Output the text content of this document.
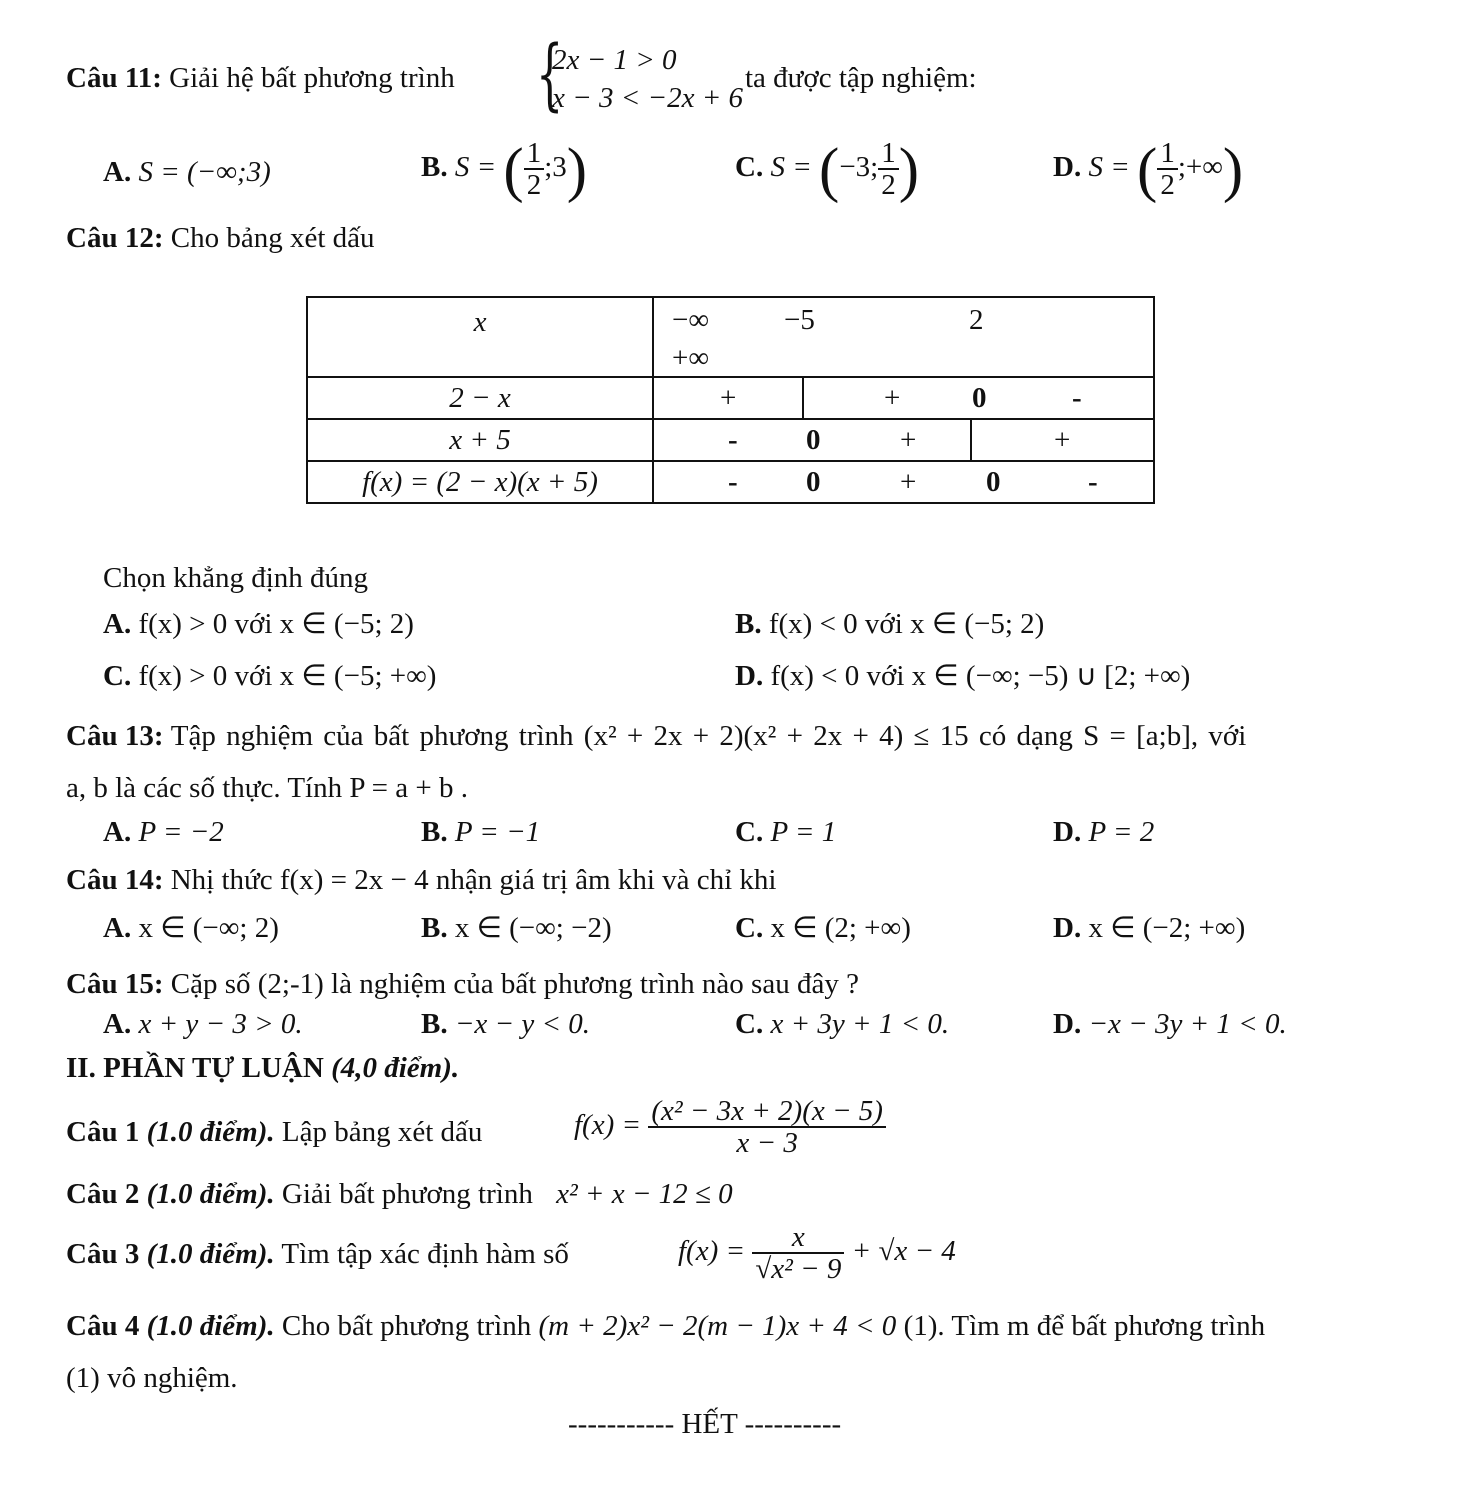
Câu 11: Giải hệ bất phương trình {
2x − 1 > 0
x − 3 < −2x + 6
ta được tập nghiệm:
A. S = (−∞;3)	B. S = ( $\frac{1}{2}$ ;3)	C. S = (−3; $\frac{1}{2}$ )	D. S = ( $\frac{1}{2}$ ;+∞)
Câu 12: Cho bảng xét dấu
x	−∞ −5 2
+∞

2 − x	+ + 0 -

x + 5	- 0 + +

f(x) = (2 − x)(x + 5)	- 0 + 0 -
Chọn khẳng định đúng
A. f(x) > 0 với x ∈ (−5; 2)	B. f(x) < 0 với x ∈ (−5; 2)
C. f(x) > 0 với x ∈ (−5; +∞)	D. f(x) < 0 với x ∈ (−∞; −5) ∪ [2; +∞)
Câu 13: Tập nghiệm của bất phương trình (x² + 2x + 2)(x² + 2x + 4) ≤ 15 có dạng S = [a;b], với
a, b là các số thực. Tính P = a + b .
A. P = −2	B. P = −1	C. P = 1	D. P = 2
Câu 14: Nhị thức f(x) = 2x − 4 nhận giá trị âm khi và chỉ khi
A. x ∈ (−∞; 2)	B. x ∈ (−∞; −2)	C. x ∈ (2; +∞)	D. x ∈ (−2; +∞)
Câu 15: Cặp số (2;-1) là nghiệm của bất phương trình nào sau đây ?
A. x + y − 3 > 0.	B. −x − y < 0.	C. x + 3y + 1 < 0.	D. −x − 3y + 1 < 0.
II. PHẦN TỰ LUẬN (4,0 điểm).
Câu 1 (1.0 điểm). Lập bảng xét dấu	$f(x) = \frac{\text{(x² − 3x + 2)(x − 5)}}{x - 3}$
Câu 2 (1.0 điểm). Giải bất phương trình x² + x − 12 ≤ 0
Câu 3 (1.0 điểm). Tìm tập xác định hàm số	$f(x) = \frac{x}{\text{√x² − 9}} + √x - 4$
Câu 4 (1.0 điểm). Cho bất phương trình (m + 2)x² − 2(m − 1)x + 4 < 0 (1). Tìm m để bất phương trình
(1) vô nghiệm.
----------- HẾT ----------
